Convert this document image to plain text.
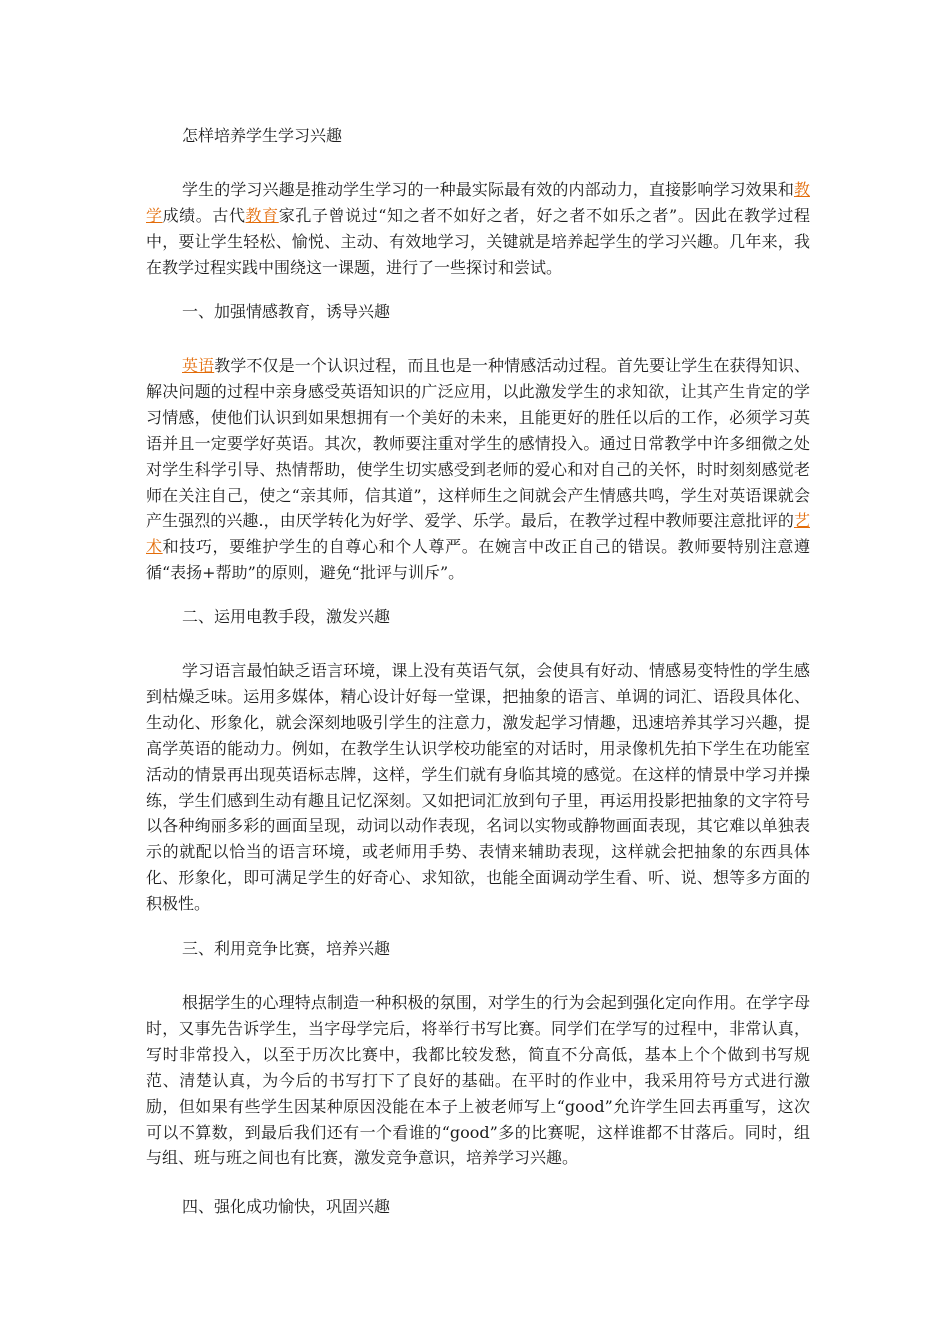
怎样培养学生学习兴趣

学生的学习兴趣是推动学生学习的一种最实际最有效的内部动力，直接影响学习效果和教学成绩。古代教育家孔子曾说过“知之者不如好之者，好之者不如乐之者”。因此在教学过程中，要让学生轻松、愉悦、主动、有效地学习，关键就是培养起学生的学习兴趣。几年来，我在教学过程实践中围绕这一课题，进行了一些探讨和尝试。

一、加强情感教育，诱导兴趣

英语教学不仅是一个认识过程，而且也是一种情感活动过程。首先要让学生在获得知识、解决问题的过程中亲身感受英语知识的广泛应用，以此激发学生的求知欲，让其产生肯定的学习情感，使他们认识到如果想拥有一个美好的未来，且能更好的胜任以后的工作，必须学习英语并且一定要学好英语。其次，教师要注重对学生的感情投入。通过日常教学中许多细微之处对学生科学引导、热情帮助，使学生切实感受到老师的爱心和对自己的关怀，时时刻刻感觉老师在关注自己，使之“亲其师，信其道”，这样师生之间就会产生情感共鸣，学生对英语课就会产生强烈的兴趣.，由厌学转化为好学、爱学、乐学。最后，在教学过程中教师要注意批评的艺术和技巧，要维护学生的自尊心和个人尊严。在婉言中改正自己的错误。教师要特别注意遵循“表扬+帮助”的原则，避免“批评与训斥”。

二、运用电教手段，激发兴趣

学习语言最怕缺乏语言环境，课上没有英语气氛，会使具有好动、情感易变特性的学生感到枯燥乏味。运用多媒体，精心设计好每一堂课，把抽象的语言、单调的词汇、语段具体化、生动化、形象化，就会深刻地吸引学生的注意力，激发起学习情趣，迅速培养其学习兴趣，提高学英语的能动力。例如，在教学生认识学校功能室的对话时，用录像机先拍下学生在功能室活动的情景再出现英语标志牌，这样，学生们就有身临其境的感觉。在这样的情景中学习并操练，学生们感到生动有趣且记忆深刻。又如把词汇放到句子里，再运用投影把抽象的文字符号以各种绚丽多彩的画面呈现，动词以动作表现，名词以实物或静物画面表现，其它难以单独表示的就配以恰当的语言环境，或老师用手势、表情来辅助表现，这样就会把抽象的东西具体化、形象化，即可满足学生的好奇心、求知欲，也能全面调动学生看、听、说、想等多方面的积极性。

三、利用竞争比赛，培养兴趣

根据学生的心理特点制造一种积极的氛围，对学生的行为会起到强化定向作用。在学字母时，又事先告诉学生，当字母学完后，将举行书写比赛。同学们在学写的过程中，非常认真，写时非常投入，以至于历次比赛中，我都比较发愁，简直不分高低，基本上个个做到书写规范、清楚认真，为今后的书写打下了良好的基础。在平时的作业中，我采用符号方式进行激励，但如果有些学生因某种原因没能在本子上被老师写上“good”允许学生回去再重写，这次可以不算数，到最后我们还有一个看谁的“good”多的比赛呢，这样谁都不甘落后。同时，组与组、班与班之间也有比赛，激发竞争意识，培养学习兴趣。

四、强化成功愉快，巩固兴趣
